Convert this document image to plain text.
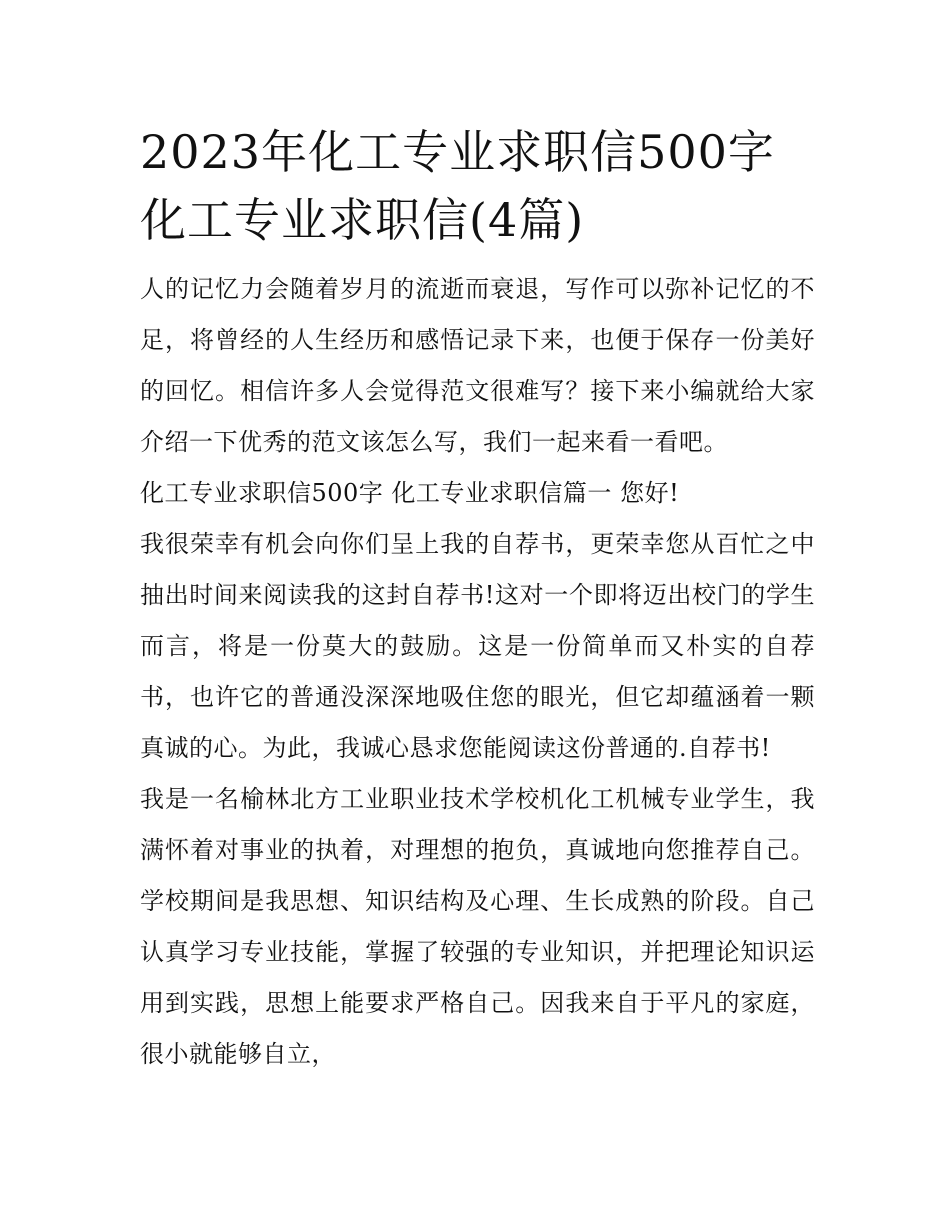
2023年化工专业求职信500字
化工专业求职信(4篇)

人的记忆力会随着岁月的流逝而衰退，写作可以弥补记忆的不足，将曾经的人生经历和感悟记录下来，也便于保存一份美好的回忆。相信许多人会觉得范文很难写？接下来小编就给大家介绍一下优秀的范文该怎么写，我们一起来看一看吧。

化工专业求职信500字 化工专业求职信篇一 您好!

我很荣幸有机会向你们呈上我的自荐书，更荣幸您从百忙之中抽出时间来阅读我的这封自荐书!这对一个即将迈出校门的学生而言，将是一份莫大的鼓励。这是一份简单而又朴实的自荐书，也许它的普通没深深地吸住您的眼光，但它却蕴涵着一颗真诚的心。为此，我诚心恳求您能阅读这份普通的.自荐书!

我是一名榆林北方工业职业技术学校机化工机械专业学生，我满怀着对事业的执着，对理想的抱负，真诚地向您推荐自己。学校期间是我思想、知识结构及心理、生长成熟的阶段。自己认真学习专业技能，掌握了较强的专业知识，并把理论知识运用到实践，思想上能要求严格自己。因我来自于平凡的家庭，很小就能够自立，
